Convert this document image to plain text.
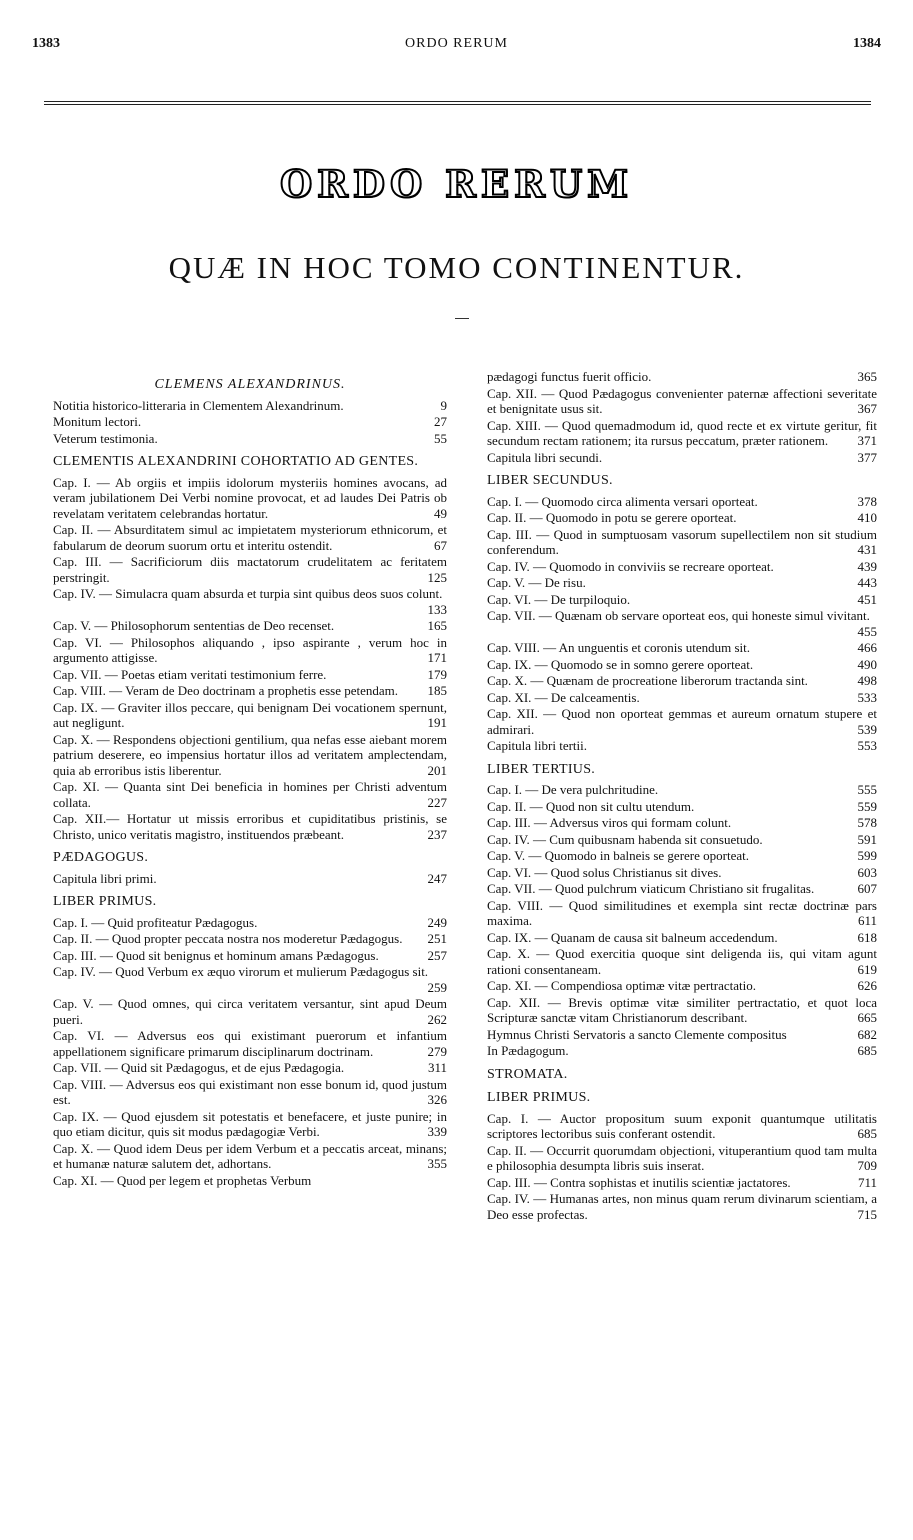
1383	ORDO RERUM	1384
ORDO RERUM
QUÆ IN HOC TOMO CONTINENTUR.
CLEMENS ALEXANDRINUS.
Notitia historico-litteraria in Clementem Alexandrinum.	9
Monitum lectori.	27
Veterum testimonia.	55
CLEMENTIS ALEXANDRINI COHORTATIO AD GENTES.
Cap. I. — Ab orgiis et impiis idolorum mysteriis homines avocans, ad veram jubilationem Dei Verbi nomine provocat, et ad laudes Dei Patris ob revelatam veritatem celebrandas hortatur.	49
Cap. II. — Absurditatem simul ac impietatem mysteriorum ethnicorum, et fabularum de deorum suorum ortu et interitu ostendit.	67
Cap. III. — Sacrificiorum diis mactatorum crudelitatem ac feritatem perstringit.	125
Cap. IV. — Simulacra quam absurda et turpia sint quibus deos suos colunt.
133
Cap. V. — Philosophorum sententias de Deo recenset.	165
Cap. VI. — Philosophos aliquando , ipso aspirante , verum hoc in argumento attigisse.	171
Cap. VII. — Poetas etiam veritati testimonium ferre.	179
Cap. VIII. — Veram de Deo doctrinam a prophetis esse petendam.	185
Cap. IX. — Graviter illos peccare, qui benignam Dei vocationem spernunt, aut negligunt.	191
Cap. X. — Respondens objectioni gentilium, qua nefas esse aiebant morem patrium deserere, eo impensius hortatur illos ad veritatem amplectendam, quia ab erroribus istis liberentur.	201
Cap. XI. — Quanta sint Dei beneficia in homines per Christi adventum collata.	227
Cap. XII.— Hortatur ut missis erroribus et cupiditatibus pristinis, se Christo, unico veritatis magistro, instituendos præbeant.	237
PÆDAGOGUS.
Capitula libri primi.	247
LIBER PRIMUS.
Cap. I. — Quid profiteatur Pædagogus.	249
Cap. II. — Quod propter peccata nostra nos moderetur Pædagogus.	251
Cap. III. — Quod sit benignus et hominum amans Pædagogus.	257
Cap. IV. — Quod Verbum ex æquo virorum et mulierum Pædagogus sit.
259
Cap. V. — Quod omnes, qui circa veritatem versantur, sint apud Deum pueri.	262
Cap. VI. — Adversus eos qui existimant puerorum et infantium appellationem significare primarum disciplinarum doctrinam.	279
Cap. VII. — Quid sit Pædagogus, et de ejus Pædagogia.	311
Cap. VIII. — Adversus eos qui existimant non esse bonum id, quod justum est.	326
Cap. IX. — Quod ejusdem sit potestatis et benefacere, et juste punire; in quo etiam dicitur, quis sit modus pædagogiæ Verbi.	339
Cap. X. — Quod idem Deus per idem Verbum et a peccatis arceat, minans; et humanæ naturæ salutem det, adhortans.	355
Cap. XI. — Quod per legem et prophetas Verbum
pædagogi functus fuerit officio.	365
Cap. XII. — Quod Pædagogus convenienter paternæ affectioni severitate et benignitate usus sit.	367
Cap. XIII. — Quod quemadmodum id, quod recte et ex virtute geritur, fit secundum rectam rationem; ita rursus peccatum, præter rationem.	371
Capitula libri secundi.	377
LIBER SECUNDUS.
Cap. I. — Quomodo circa alimenta versari oporteat.	378
Cap. II. — Quomodo in potu se gerere oporteat.	410
Cap. III. — Quod in sumptuosam vasorum supellectilem non sit studium conferendum.	431
Cap. IV. — Quomodo in conviviis se recreare oporteat.	439
Cap. V. — De risu.	443
Cap. VI. — De turpiloquio.	451
Cap. VII. — Quænam ob servare oporteat eos, qui honeste simul vivitant.
455
Cap. VIII. — An unguentis et coronis utendum sit.	466
Cap. IX. — Quomodo se in somno gerere oporteat.	490
Cap. X. — Quænam de procreatione liberorum tractanda sint.	498
Cap. XI. — De calceamentis.	533
Cap. XII. — Quod non oporteat gemmas et aureum ornatum stupere et admirari.	539
Capitula libri tertii.	553
LIBER TERTIUS.
Cap. I. — De vera pulchritudine.	555
Cap. II. — Quod non sit cultu utendum.	559
Cap. III. — Adversus viros qui formam colunt.	578
Cap. IV. — Cum quibusnam habenda sit consuetudo.	591
Cap. V. — Quomodo in balneis se gerere oporteat.	599
Cap. VI. — Quod solus Christianus sit dives.	603
Cap. VII. — Quod pulchrum viaticum Christiano sit frugalitas.	607
Cap. VIII. — Quod similitudines et exempla sint rectæ doctrinæ pars maxima.	611
Cap. IX. — Quanam de causa sit balneum accedendum.	618
Cap. X. — Quod exercitia quoque sint deligenda iis, qui vitam agunt rationi consentaneam.	619
Cap. XI. — Compendiosa optimæ vitæ pertractatio.	626
Cap. XII. — Brevis optimæ vitæ similiter pertractatio, et quot loca Scripturæ sanctæ vitam Christianorum describant.	665
Hymnus Christi Servatoris a sancto Clemente compositus	682
In Pædagogum.	685
STROMATA.
LIBER PRIMUS.
Cap. I. — Auctor propositum suum exponit quantumque utilitatis scriptores lectoribus suis conferant ostendit.	685
Cap. II. — Occurrit quorumdam objectioni, vituperantium quod tam multa e philosophia desumpta libris suis inserat.	709
Cap. III. — Contra sophistas et inutilis scientiæ jactatores.	711
Cap. IV. — Humanas artes, non minus quam rerum divinarum scientiam, a Deo esse profectas.	715
